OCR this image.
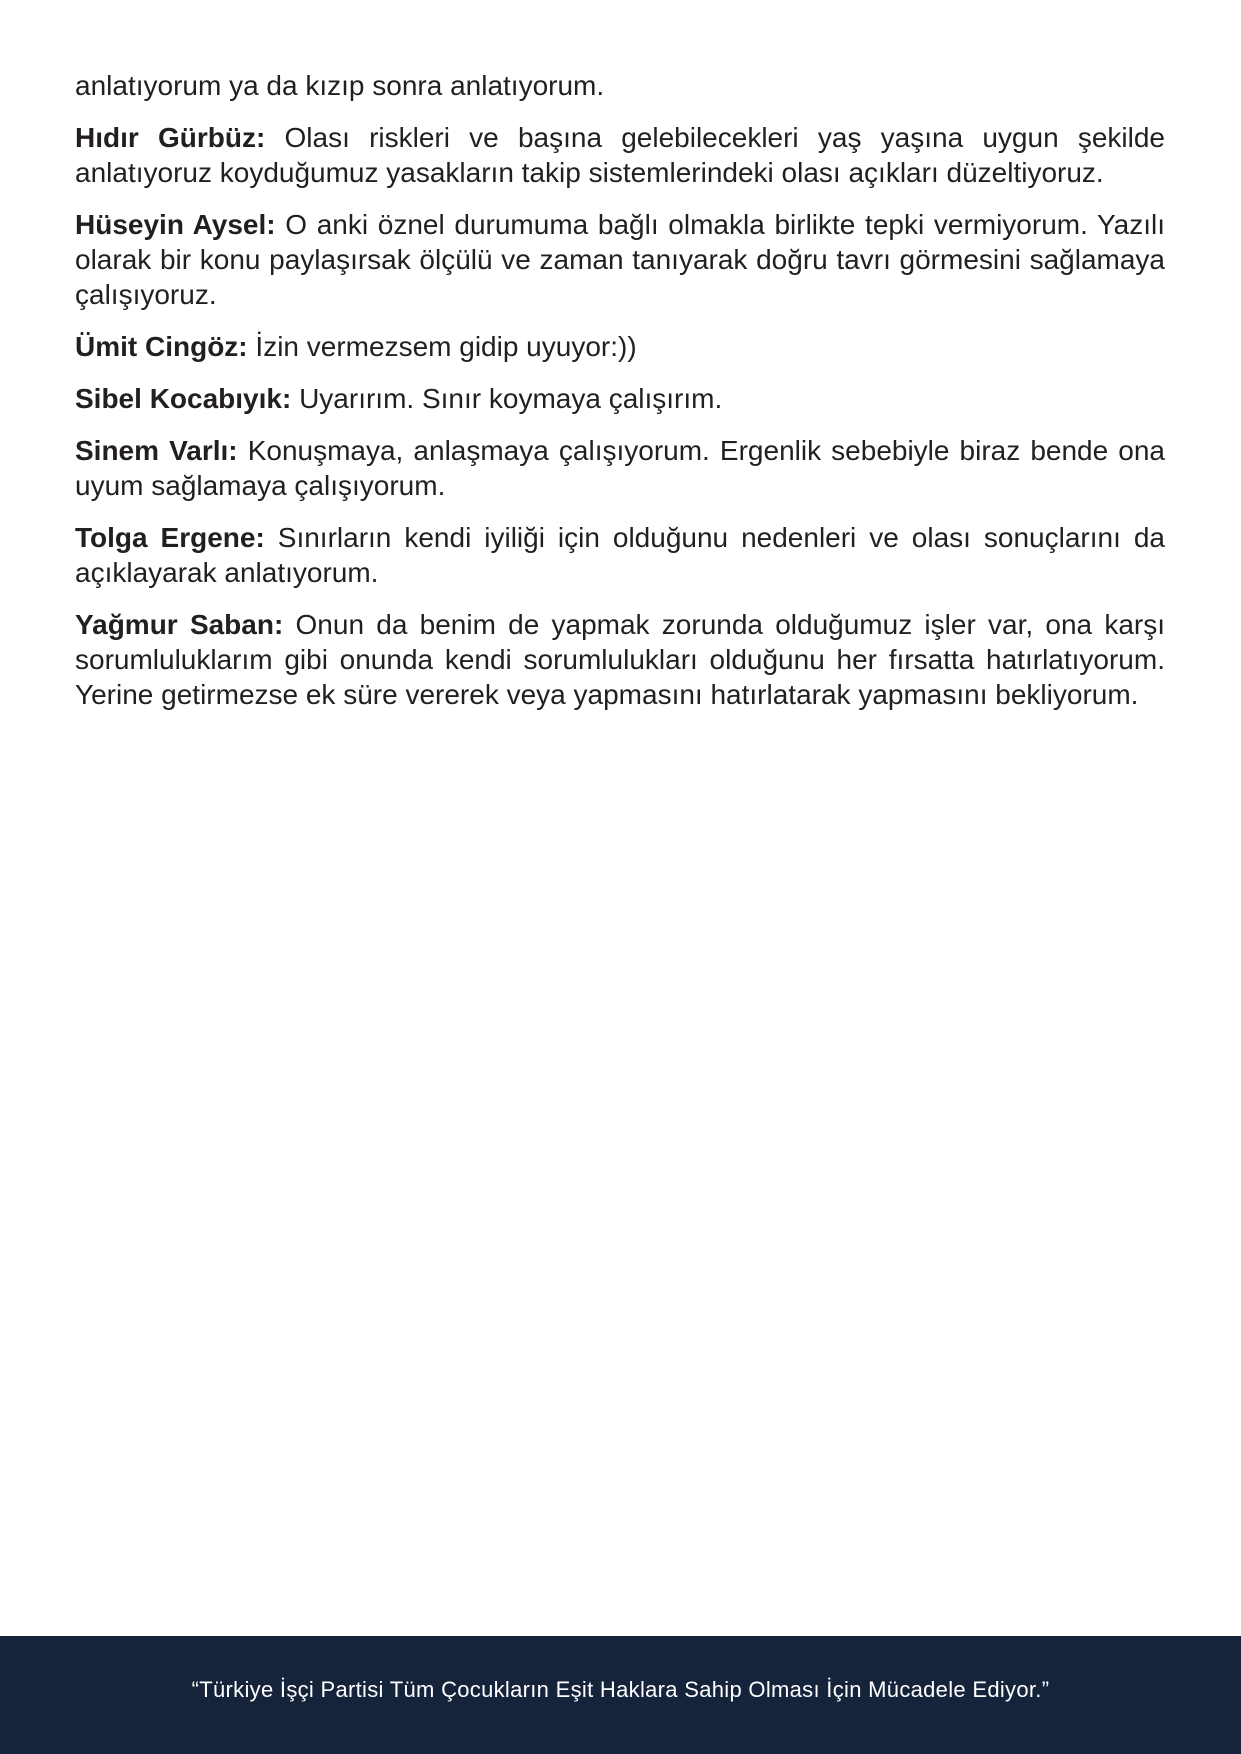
anlatıyorum ya da kızıp sonra anlatıyorum.

Hıdır Gürbüz: Olası riskleri ve başına gelebilecekleri yaş yaşına uygun şekilde anlatıyoruz koyduğumuz yasakların takip sistemlerindeki olası açıkları düzeltiyoruz.

Hüseyin Aysel: O anki öznel durumuma bağlı olmakla birlikte tepki vermiyorum. Yazılı olarak bir konu paylaşırsak ölçülü ve zaman tanıyarak doğru tavrı görmesini sağlamaya çalışıyoruz.

Ümit Cingöz: İzin vermezsem gidip uyuyor:))

Sibel Kocabıyık: Uyarırım. Sınır koymaya çalışırım.

Sinem Varlı: Konuşmaya, anlaşmaya çalışıyorum. Ergenlik sebebiyle biraz bende ona uyum sağlamaya çalışıyorum.

Tolga Ergene: Sınırların kendi iyiliği için olduğunu nedenleri ve olası sonuçlarını da açıklayarak anlatıyorum.

Yağmur Saban: Onun da benim de yapmak zorunda olduğumuz işler var, ona karşı sorumluluklarım gibi onunda kendi sorumlulukları olduğunu her fırsatta hatırlatıyorum. Yerine getirmezse ek süre vererek veya yapmasını hatırlatarak yapmasını bekliyorum.

“Türkiye İşçi Partisi Tüm Çocukların Eşit Haklara Sahip Olması İçin Mücadele Ediyor.”
